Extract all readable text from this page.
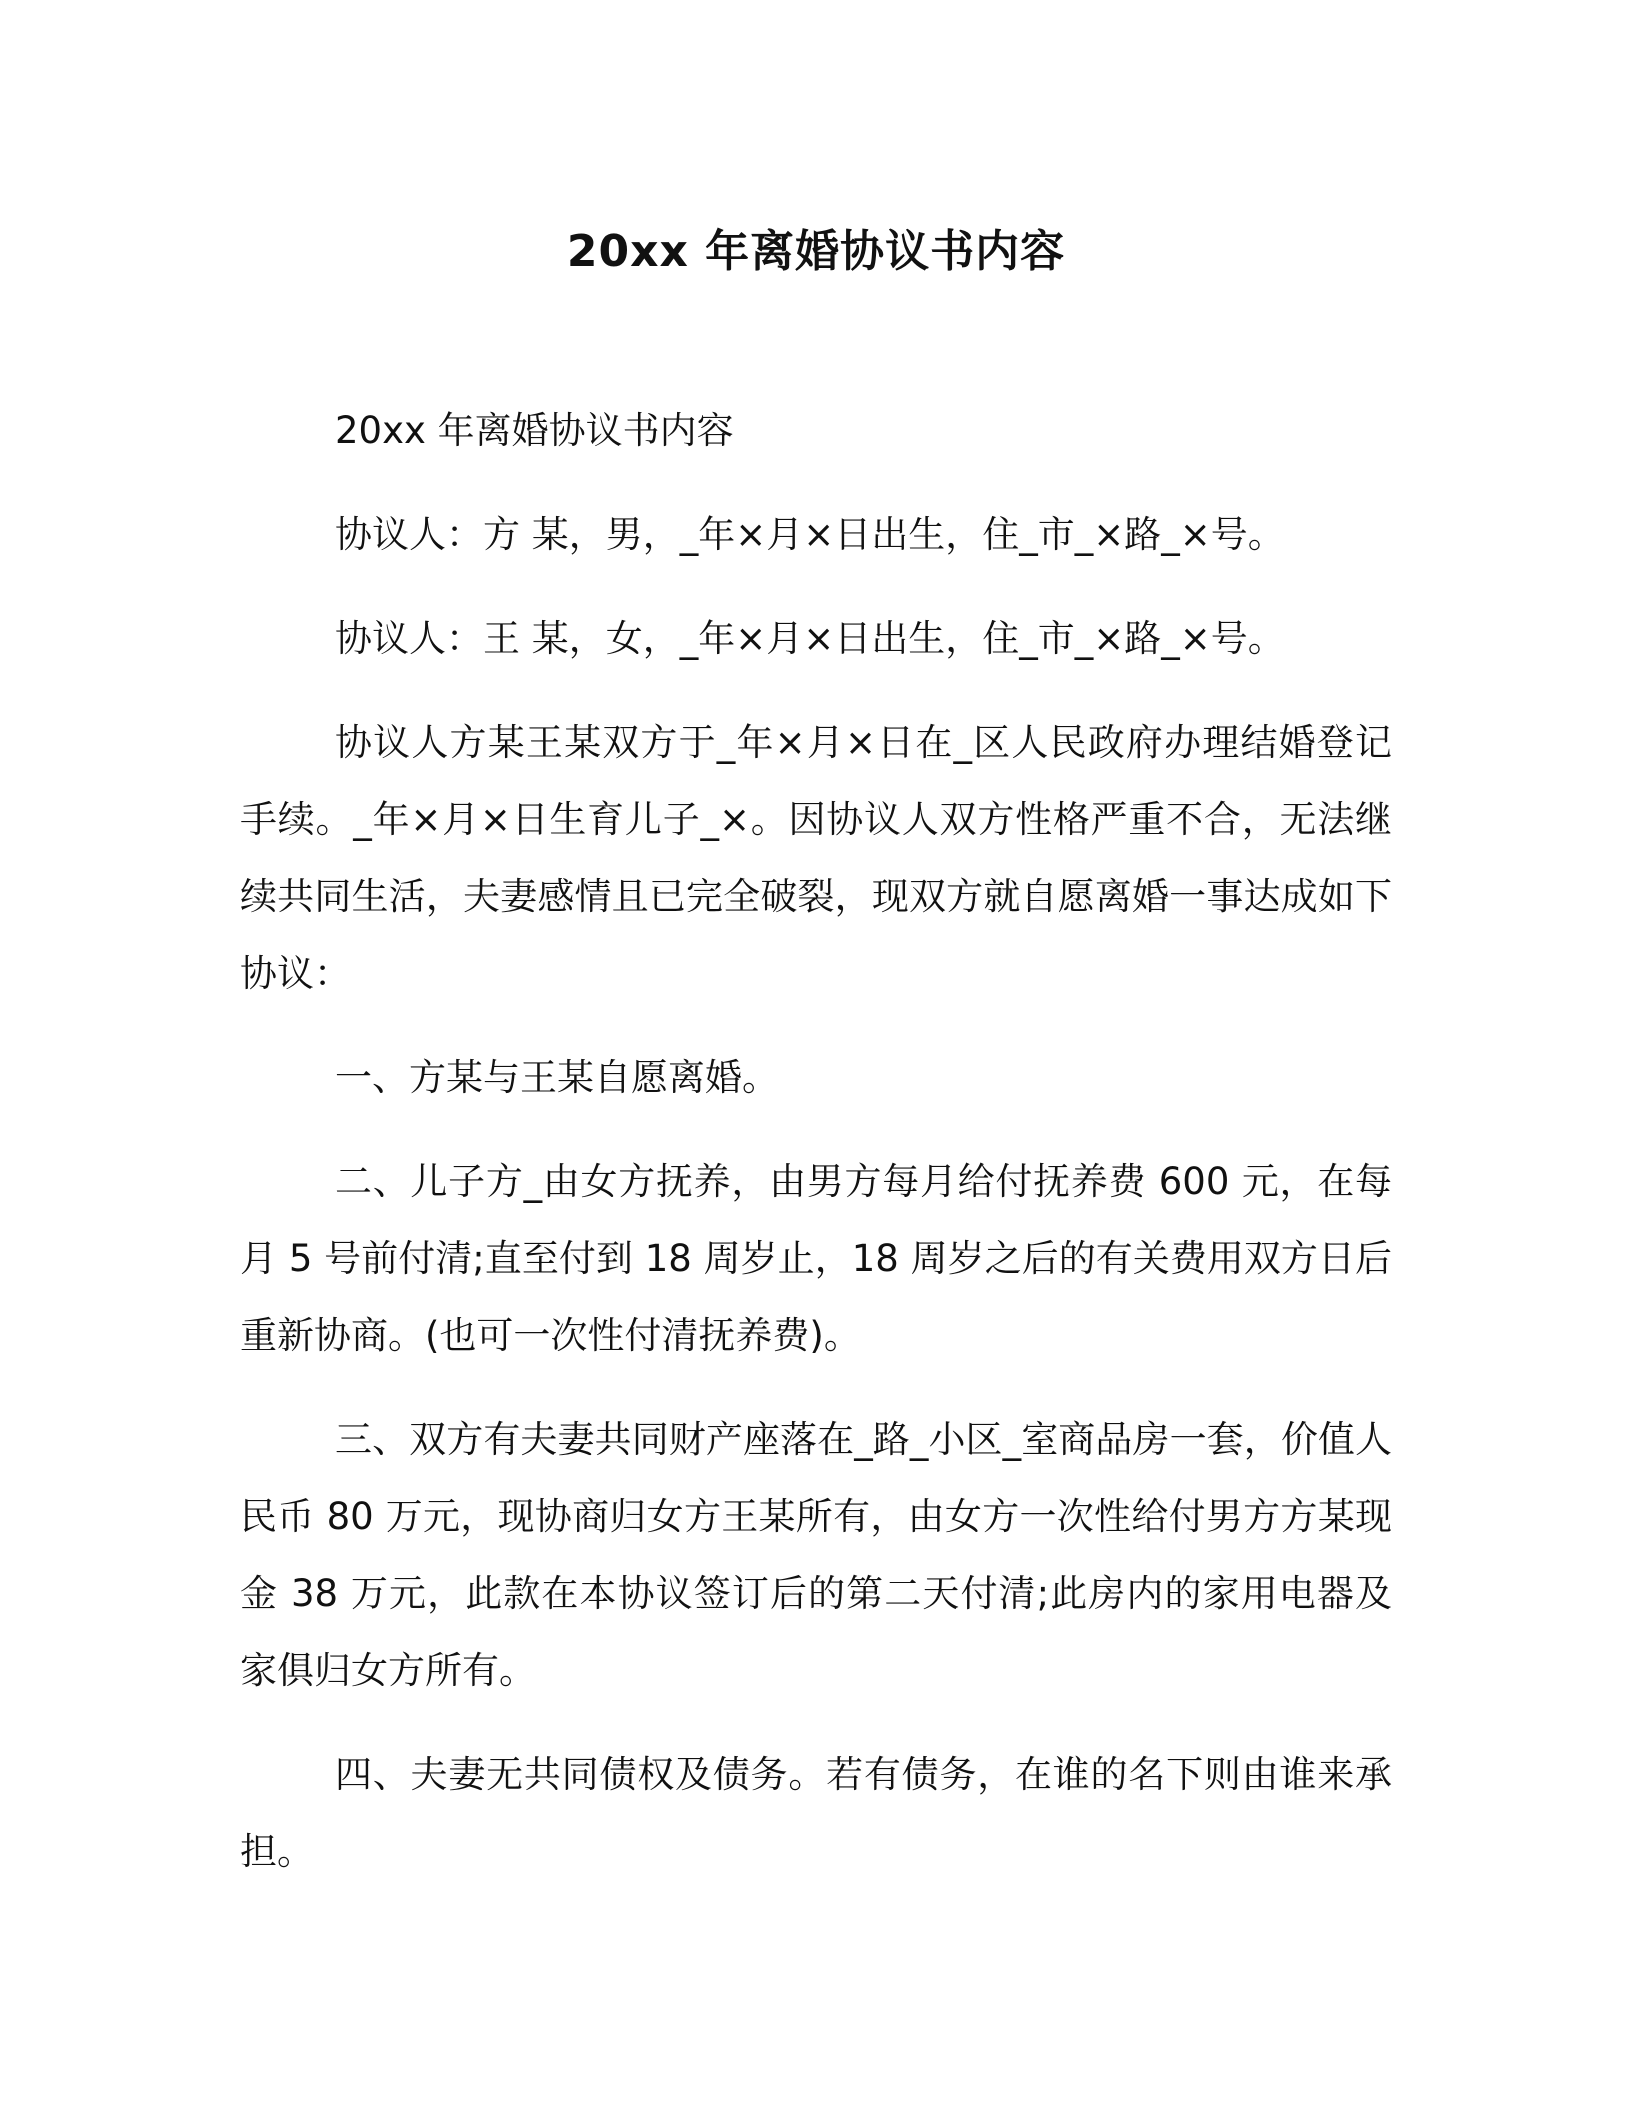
20xx 年离婚协议书内容

20xx 年离婚协议书内容

协议人：方 某，男，_年×月×日出生，住_市_×路_×号。

协议人：王 某，女，_年×月×日出生，住_市_×路_×号。

协议人方某王某双方于_年×月×日在_区人民政府办理结婚登记手续。_年×月×日生育儿子_×。因协议人双方性格严重不合，无法继续共同生活，夫妻感情且已完全破裂，现双方就自愿离婚一事达成如下协议：

一、方某与王某自愿离婚。

二、儿子方_由女方抚养，由男方每月给付抚养费 600 元，在每月 5 号前付清;直至付到 18 周岁止，18 周岁之后的有关费用双方日后重新协商。(也可一次性付清抚养费)。

三、双方有夫妻共同财产座落在_路_小区_室商品房一套，价值人民币 80 万元，现协商归女方王某所有，由女方一次性给付男方方某现金 38 万元，此款在本协议签订后的第二天付清;此房内的家用电器及家俱归女方所有。

四、夫妻无共同债权及债务。若有债务，在谁的名下则由谁来承担。
